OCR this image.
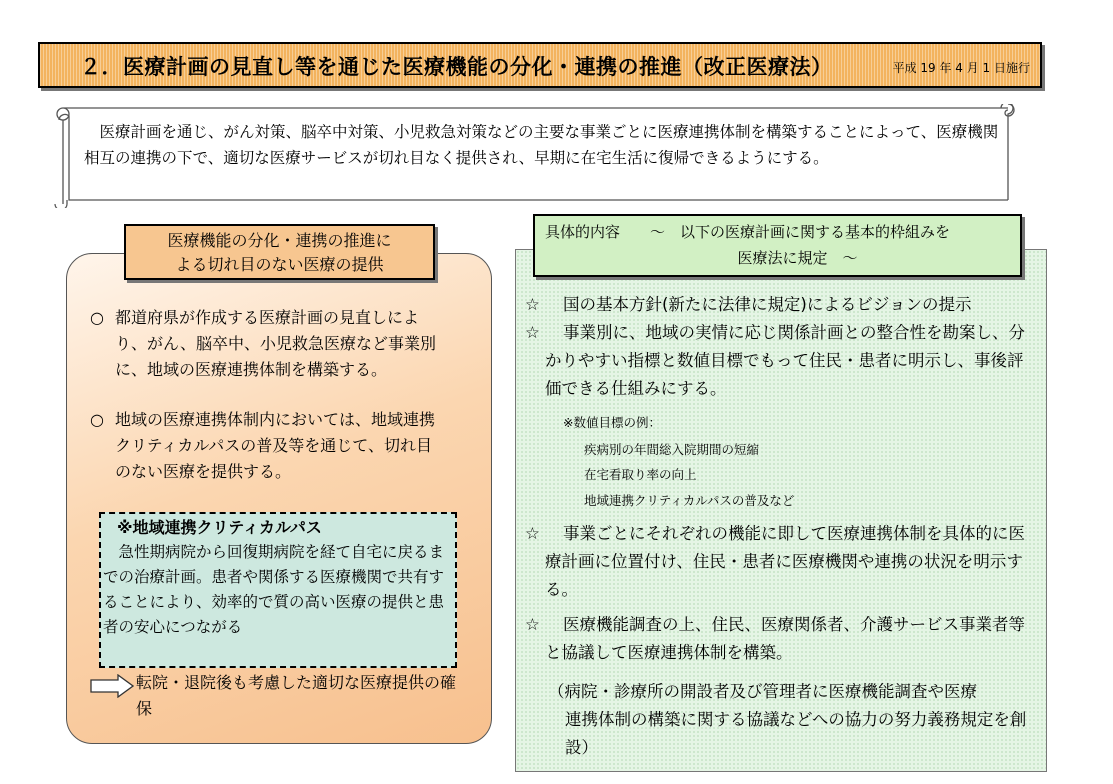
２．医療計画の見直し等を通じた医療機能の分化・連携の推進（改正医療法）	平成 19 年 4 月 1 日施行
　医療計画を通じ、がん対策、脳卒中対策、小児救急対策などの主要な事業ごとに医療連携体制を構築することによって、医療機関相互の連携の下で、適切な医療サービスが切れ目なく提供され、早期に在宅生活に復帰できるようにする。
医療機能の分化・連携の推進に
よる切れ目のない医療の提供
○ 都道府県が作成する医療計画の見直しにより、がん、脳卒中、小児救急医療など事業別に、地域の医療連携体制を構築する。
○ 地域の医療連携体制内においては、地域連携クリティカルパスの普及等を通じて、切れ目のない医療を提供する。
※地域連携クリティカルパス
急性期病院から回復期病院を経て自宅に戻るまでの治療計画。患者や関係する医療機関で共有することにより、効率的で質の高い医療の提供と患者の安心につながる
転院・退院後も考慮した適切な医療提供の確保
具体的内容　　～　以下の医療計画に関する基本的枠組みを
医療法に規定　～
☆	国の基本方針(新たに法律に規定)によるビジョンの提示
☆	事業別に、地域の実情に応じ関係計画との整合性を勘案し、分かりやすい指標と数値目標でもって住民・患者に明示し、事後評価できる仕組みにする。
※数値目標の例：
疾病別の年間総入院期間の短縮
在宅看取り率の向上
地域連携クリティカルパスの普及など
☆	事業ごとにそれぞれの機能に即して医療連携体制を具体的に医療計画に位置付け、住民・患者に医療機関や連携の状況を明示する。
☆	医療機能調査の上、住民、医療関係者、介護サービス事業者等と協議して医療連携体制を構築。
（病院・診療所の開設者及び管理者に医療機能調査や医療
連携体制の構築に関する協議などへの協力の努力義務規定を創設）
